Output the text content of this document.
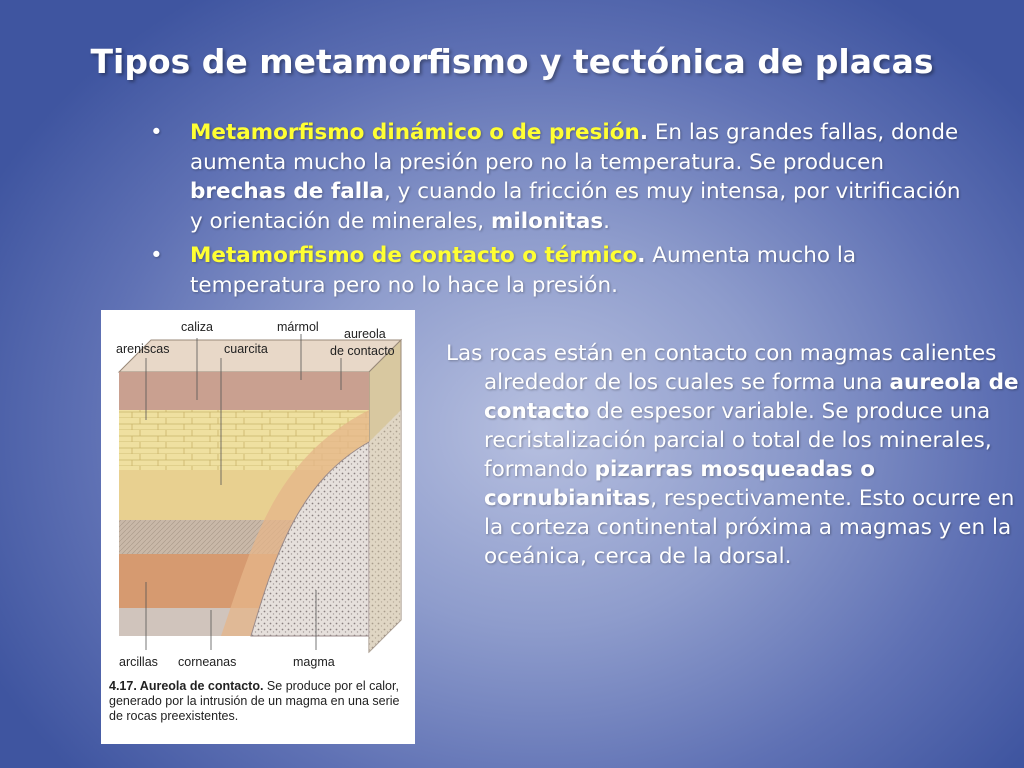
Tipos de metamorfismo y tectónica de placas
• Metamorfismo dinámico o de presión. En las grandes fallas, donde aumenta mucho la presión pero no la temperatura. Se producen brechas de falla, y cuando la fricción es muy intensa, por vitrificación y orientación de minerales, milonitas.
• Metamorfismo de contacto o térmico. Aumenta mucho la temperatura pero no lo hace la presión.
caliza	mármol aureola
de contacto
areniscas	cuarcita
arcillas corneanas	magma
4.17. Aureola de contacto. Se produce por el calor, generado por la intrusión de un magma en una serie de rocas preexistentes.
Las rocas están en contacto con magmas calientes alrededor de los cuales se forma una aureola de contacto de espesor variable. Se produce una recristalización parcial o total de los minerales, formando pizarras mosqueadas o cornubianitas, respectivamente. Esto ocurre en la corteza continental próxima a magmas y en la oceánica, cerca de la dorsal.
